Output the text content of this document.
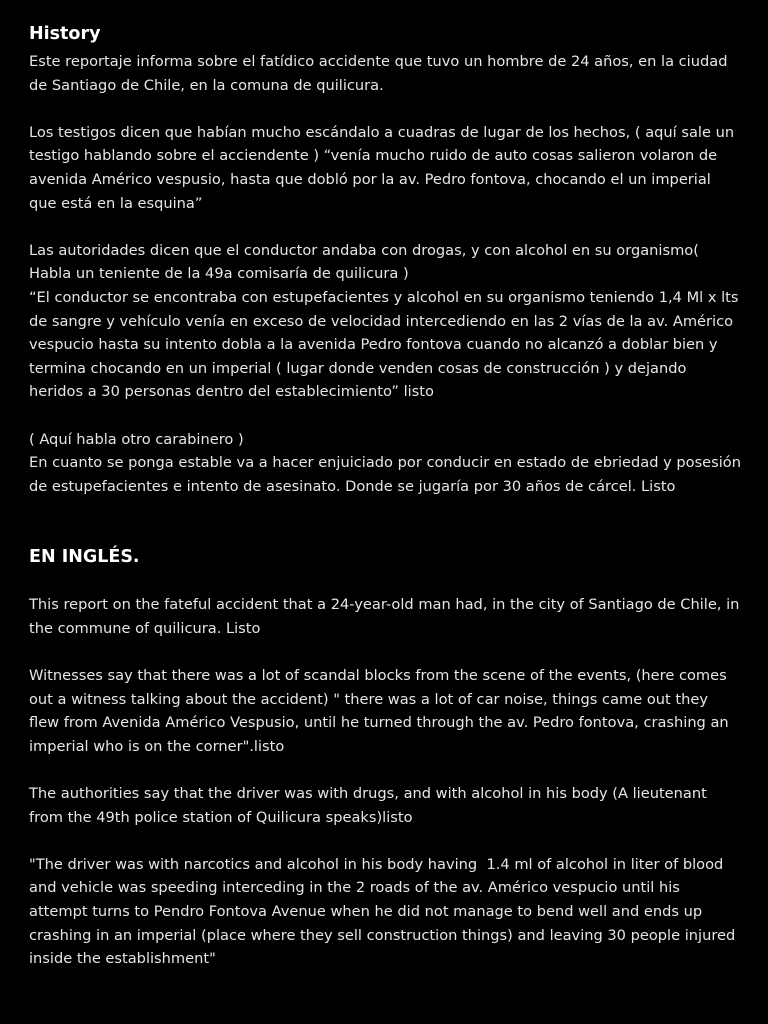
History

Este reportaje informa sobre el fatídico accidente que tuvo un hombre de 24 años, en la ciudad de Santiago de Chile, en la comuna de quilicura.

Los testigos dicen que habían mucho escándalo a cuadras de lugar de los hechos, ( aquí sale un testigo hablando sobre el acciendente ) “venía mucho ruido de auto cosas salieron volaron de avenida Américo vespusio, hasta que dobló por la av. Pedro fontova, chocando el un imperial que está en la esquina”

Las autoridades dicen que el conductor andaba con drogas, y con alcohol en su organismo( Habla un teniente de la 49a comisaría de quilicura )

“El conductor se encontraba con estupefacientes y alcohol en su organismo teniendo 1,4 Ml x lts de sangre y vehículo venía en exceso de velocidad intercediendo en las 2 vías de la av. Américo vespucio hasta su intento dobla a la avenida Pedro fontova cuando no alcanzó a doblar bien y termina chocando en un imperial ( lugar donde venden cosas de construcción ) y dejando heridos a 30 personas dentro del establecimiento” listo

( Aquí habla otro carabinero )

En cuanto se ponga estable va a hacer enjuiciado por conducir en estado de ebriedad y posesión de estupefacientes e intento de asesinato. Donde se jugaría por 30 años de cárcel. Listo

EN INGLÉS.

This report on the fateful accident that a 24-year-old man had, in the city of Santiago de Chile, in the commune of quilicura. Listo

Witnesses say that there was a lot of scandal blocks from the scene of the events, (here comes out a witness talking about the accident) " there was a lot of car noise, things came out they flew from Avenida Américo Vespusio, until he turned through the av. Pedro fontova, crashing an imperial who is on the corner".listo

The authorities say that the driver was with drugs, and with alcohol in his body (A lieutenant from the 49th police station of Quilicura speaks)listo

"The driver was with narcotics and alcohol in his body having  1.4 ml of alcohol in liter of blood and vehicle was speeding interceding in the 2 roads of the av. Américo vespucio until his attempt turns to Pendro Fontova Avenue when he did not manage to bend well and ends up crashing in an imperial (place where they sell construction things) and leaving 30 people injured inside the establishment"
